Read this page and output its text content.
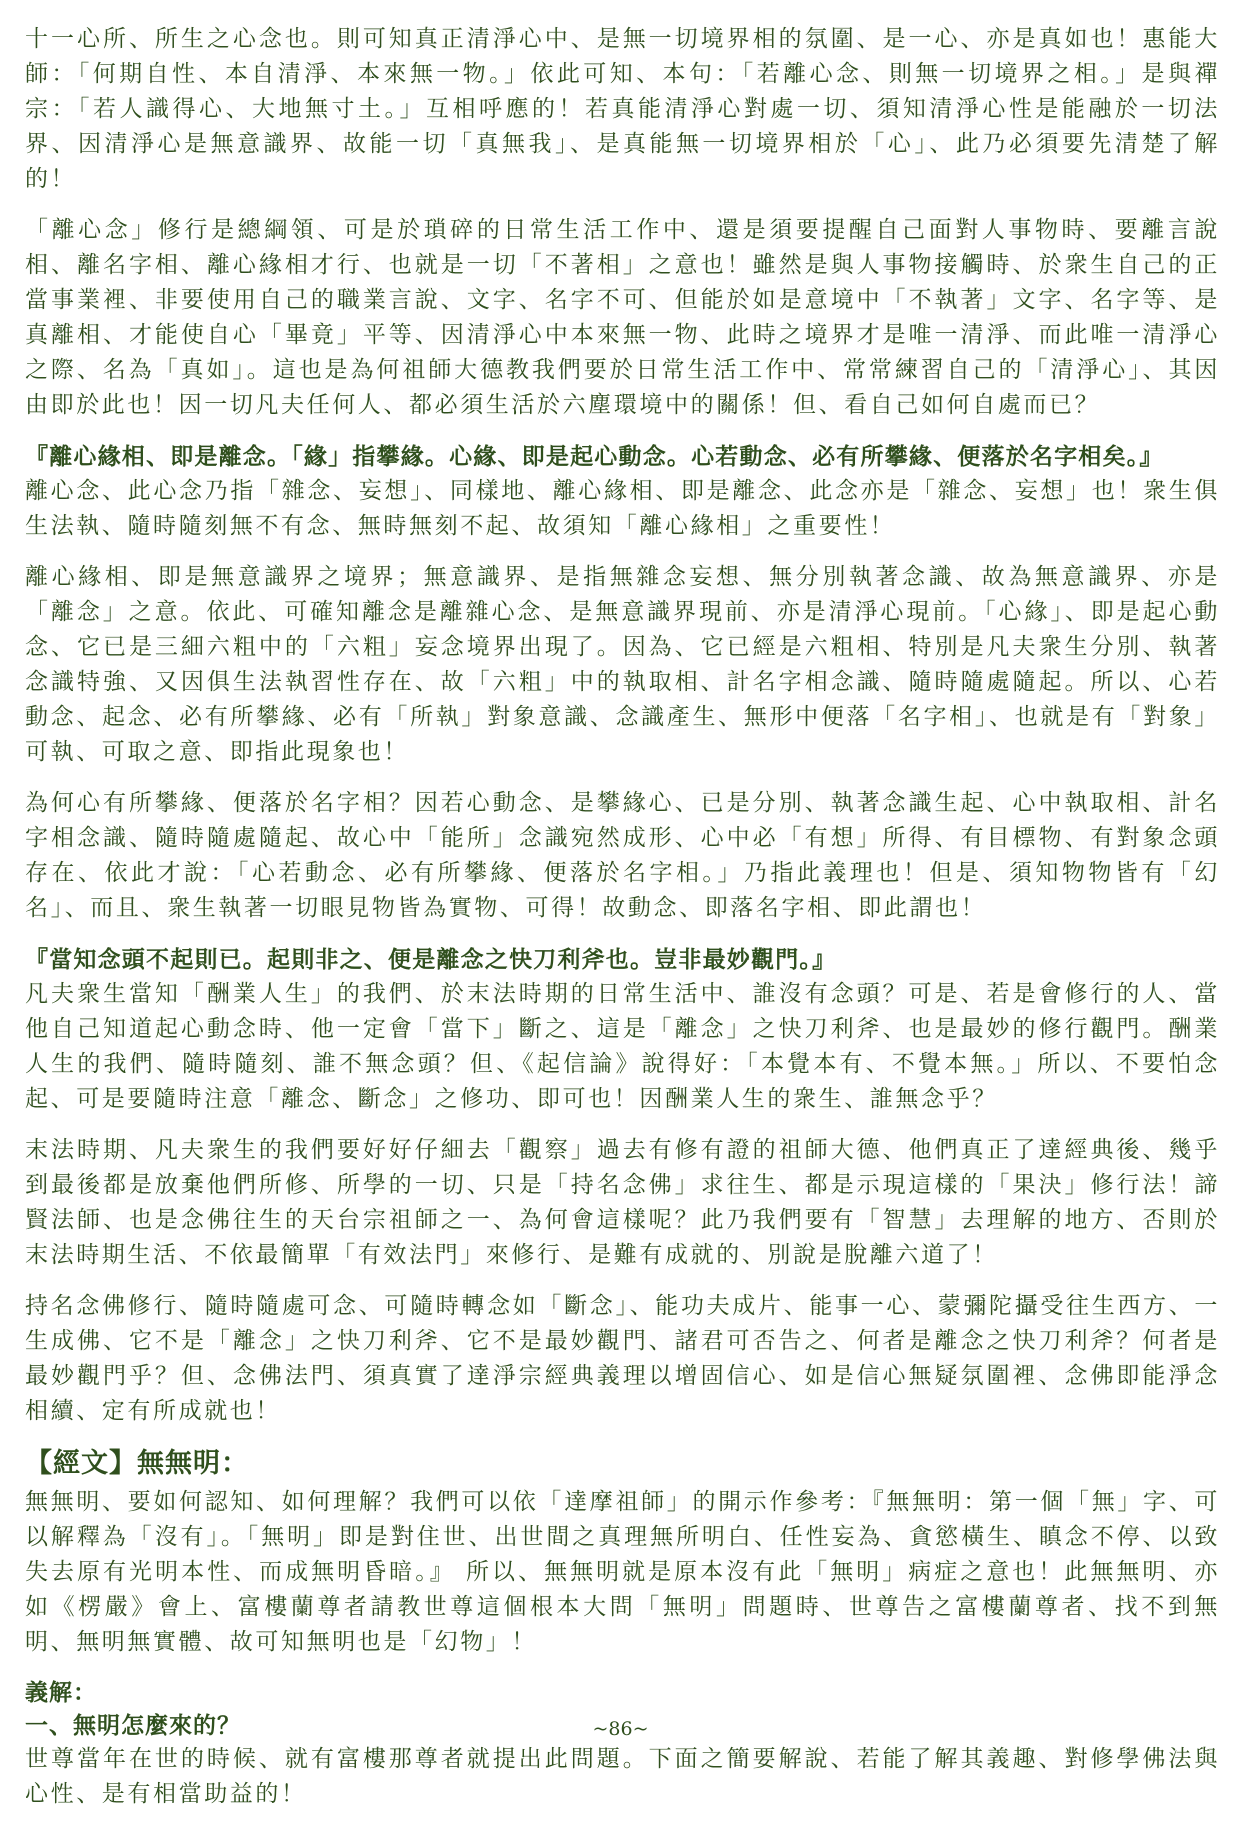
十一心所、所生之心念也。則可知真正清淨心中、是無一切境界相的氛圍、是一心、亦是真如也！惠能大師：「何期自性、本自清淨、本來無一物。」依此可知、本句：「若離心念、則無一切境界之相。」是與禪宗：「若人識得心、大地無寸土。」互相呼應的！若真能清淨心對處一切、須知清淨心性是能融於一切法界、因清淨心是無意識界、故能一切「真無我」、是真能無一切境界相於「心」、此乃必須要先清楚了解的！

「離心念」修行是總綱領、可是於瑣碎的日常生活工作中、還是須要提醒自己面對人事物時、要離言說相、離名字相、離心緣相才行、也就是一切「不著相」之意也！雖然是與人事物接觸時、於衆生自己的正當事業裡、非要使用自己的職業言說、文字、名字不可、但能於如是意境中「不執著」文字、名字等、是真離相、才能使自心「畢竟」平等、因清淨心中本來無一物、此時之境界才是唯一清淨、而此唯一清淨心之際、名為「真如」。這也是為何祖師大德教我們要於日常生活工作中、常常練習自己的「清淨心」、其因由即於此也！因一切凡夫任何人、都必須生活於六塵環境中的關係！但、看自己如何自處而已？

『離心緣相、即是離念。「緣」指攀緣。心緣、即是起心動念。心若動念、必有所攀緣、便落於名字相矣。』

離心念、此心念乃指「雜念、妄想」、同樣地、離心緣相、即是離念、此念亦是「雜念、妄想」也！衆生俱生法執、隨時隨刻無不有念、無時無刻不起、故須知「離心緣相」之重要性！

離心緣相、即是無意識界之境界；無意識界、是指無雜念妄想、無分別執著念識、故為無意識界、亦是「離念」之意。依此、可確知離念是離雜心念、是無意識界現前、亦是清淨心現前。「心緣」、即是起心動念、它已是三細六粗中的「六粗」妄念境界出現了。因為、它已經是六粗相、特別是凡夫衆生分別、執著念識特強、又因俱生法執習性存在、故「六粗」中的執取相、計名字相念識、隨時隨處隨起。所以、心若動念、起念、必有所攀緣、必有「所執」對象意識、念識產生、無形中便落「名字相」、也就是有「對象」可執、可取之意、即指此現象也！

為何心有所攀緣、便落於名字相？因若心動念、是攀緣心、已是分別、執著念識生起、心中執取相、計名字相念識、隨時隨處隨起、故心中「能所」念識宛然成形、心中必「有想」所得、有目標物、有對象念頭存在、依此才說：「心若動念、必有所攀緣、便落於名字相。」乃指此義理也！但是、須知物物皆有「幻名」、而且、衆生執著一切眼見物皆為實物、可得！故動念、即落名字相、即此謂也！

『當知念頭不起則已。起則非之、便是離念之快刀利斧也。豈非最妙觀門。』

凡夫衆生當知「酬業人生」的我們、於末法時期的日常生活中、誰沒有念頭？可是、若是會修行的人、當他自己知道起心動念時、他一定會「當下」斷之、這是「離念」之快刀利斧、也是最妙的修行觀門。酬業人生的我們、隨時隨刻、誰不無念頭？但、《起信論》說得好：「本覺本有、不覺本無。」所以、不要怕念起、可是要隨時注意「離念、斷念」之修功、即可也！因酬業人生的衆生、誰無念乎？

末法時期、凡夫衆生的我們要好好仔細去「觀察」過去有修有證的祖師大德、他們真正了達經典後、幾乎到最後都是放棄他們所修、所學的一切、只是「持名念佛」求往生、都是示現這樣的「果決」修行法！諦賢法師、也是念佛往生的天台宗祖師之一、為何會這樣呢？此乃我們要有「智慧」去理解的地方、否則於末法時期生活、不依最簡單「有效法門」來修行、是難有成就的、別說是脫離六道了！

持名念佛修行、隨時隨處可念、可隨時轉念如「斷念」、能功夫成片、能事一心、蒙彌陀攝受往生西方、一生成佛、它不是「離念」之快刀利斧、它不是最妙觀門、諸君可否告之、何者是離念之快刀利斧？何者是最妙觀門乎？但、念佛法門、須真實了達淨宗經典義理以增固信心、如是信心無疑氛圍裡、念佛即能淨念相續、定有所成就也！

【經文】無無明：

無無明、要如何認知、如何理解？我們可以依「達摩祖師」的開示作參考：『無無明：第一個「無」字、可以解釋為「沒有」。「無明」即是對住世、出世間之真理無所明白、任性妄為、貪慾橫生、瞋念不停、以致失去原有光明本性、而成無明昏暗。』 所以、無無明就是原本沒有此「無明」病症之意也！此無無明、亦如《楞嚴》會上、富樓蘭尊者請教世尊這個根本大問「無明」問題時、世尊告之富樓蘭尊者、找不到無明、無明無實體、故可知無明也是「幻物」！

義解：

一、無明怎麼來的？

世尊當年在世的時候、就有富樓那尊者就提出此問題。下面之簡要解說、若能了解其義趣、對修學佛法與心性、是有相當助益的！

~86~
